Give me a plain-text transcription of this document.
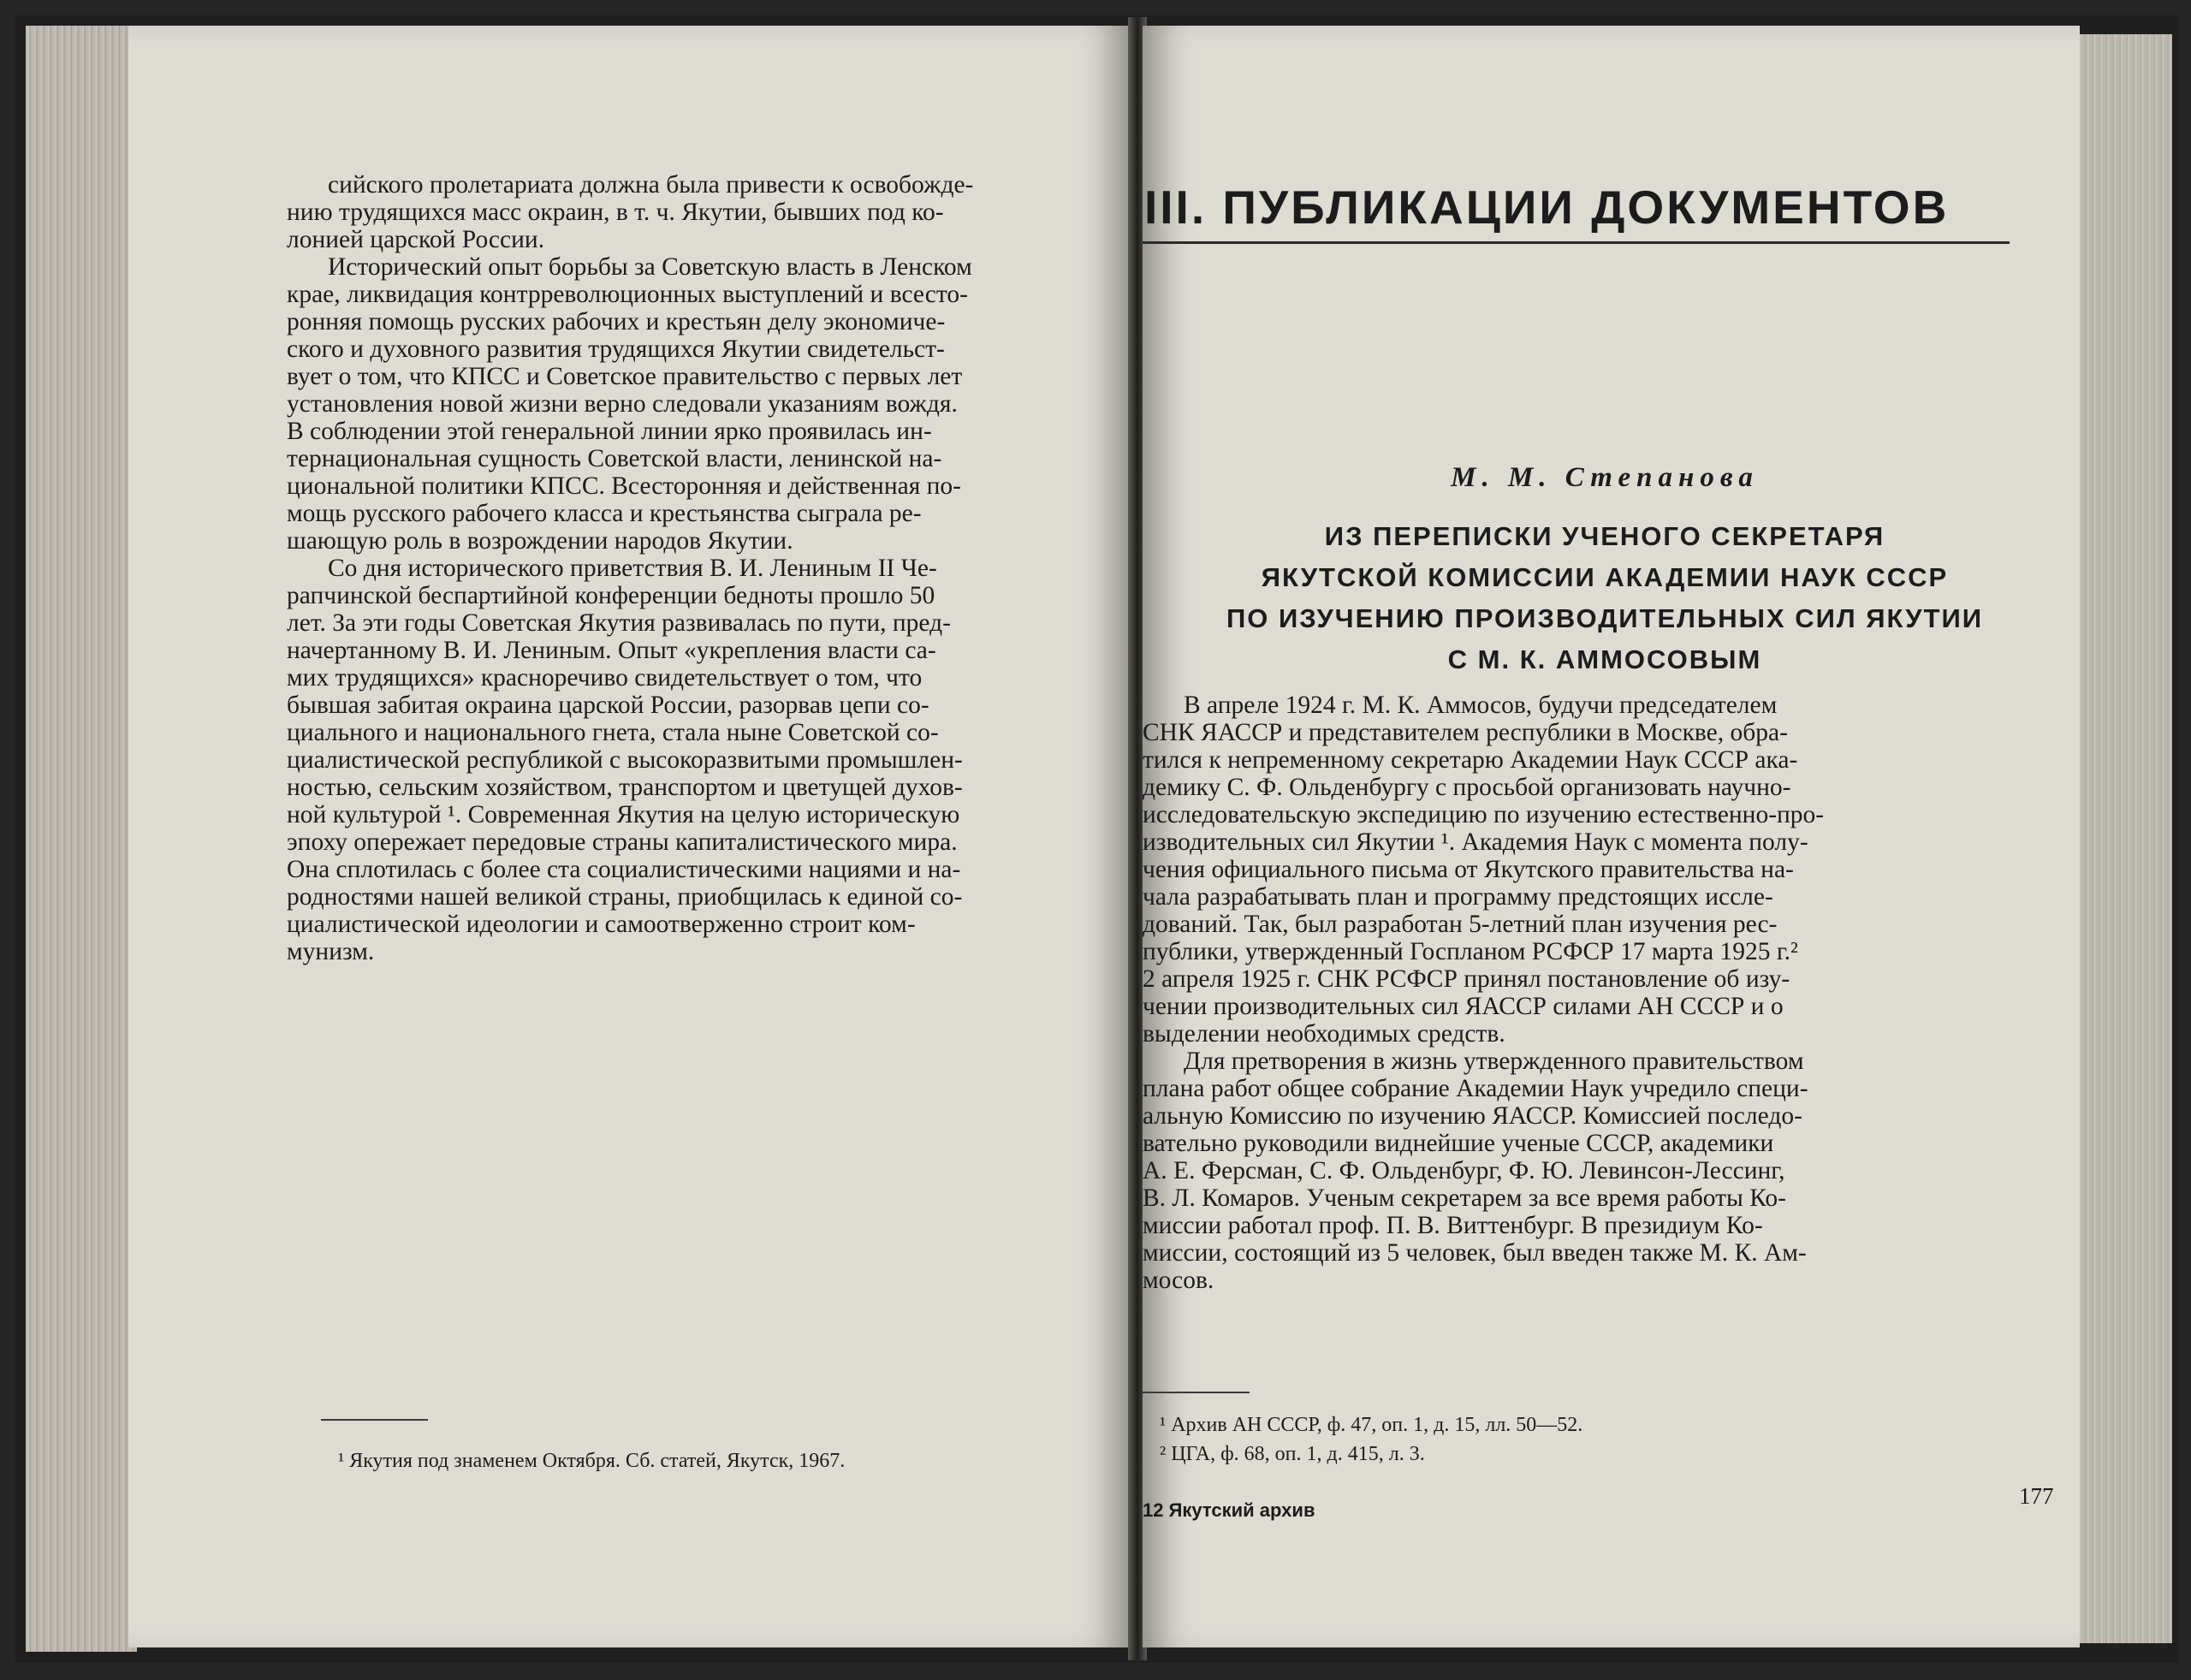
сийского пролетариата должна была привести к освобожде-
нию трудящихся масс окраин, в т. ч. Якутии, бывших под ко-
лонией царской России.

Исторический опыт борьбы за Советскую власть в Ленском
крае, ликвидация контрреволюционных выступлений и всесто-
ронняя помощь русских рабочих и крестьян делу экономиче-
ского и духовного развития трудящихся Якутии свидетельст-
вует о том, что КПСС и Советское правительство с первых лет
установления новой жизни верно следовали указаниям вождя.
В соблюдении этой генеральной линии ярко проявилась ин-
тернациональная сущность Советской власти, ленинской на-
циональной политики КПСС. Всесторонняя и действенная по-
мощь русского рабочего класса и крестьянства сыграла ре-
шающую роль в возрождении народов Якутии.

Со дня исторического приветствия В. И. Лениным II Че-
рапчинской беспартийной конференции бедноты прошло 50
лет. За эти годы Советская Якутия развивалась по пути, пред-
начертанному В. И. Лениным. Опыт «укрепления власти са-
мих трудящихся» красноречиво свидетельствует о том, что
бывшая забитая окраина царской России, разорвав цепи со-
циального и национального гнета, стала ныне Советской со-
циалистической республикой с высокоразвитыми промышлен-
ностью, сельским хозяйством, транспортом и цветущей духов-
ной культурой ¹. Современная Якутия на целую историческую
эпоху опережает передовые страны капиталистического мира.
Она сплотилась с более ста социалистическими нациями и на-
родностями нашей великой страны, приобщилась к единой со-
циалистической идеологии и самоотверженно строит ком-
мунизм.

¹ Якутия под знаменем Октября. Сб. статей, Якутск, 1967.
III. ПУБЛИКАЦИИ ДОКУМЕНТОВ
М. М. Степанова
ИЗ ПЕРЕПИСКИ УЧЕНОГО СЕКРЕТАРЯ
ЯКУТСКОЙ КОМИССИИ АКАДЕМИИ НАУК СССР
ПО ИЗУЧЕНИЮ ПРОИЗВОДИТЕЛЬНЫХ СИЛ ЯКУТИИ
С М. К. АММОСОВЫМ

В апреле 1924 г. М. К. Аммосов, будучи председателем
СНК ЯАССР и представителем республики в Москве, обра-
тился к непременному секретарю Академии Наук СССР ака-
демику С. Ф. Ольденбургу с просьбой организовать научно-
исследовательскую экспедицию по изучению естественно-про-
изводительных сил Якутии ¹. Академия Наук с момента полу-
чения официального письма от Якутского правительства на-
чала разрабатывать план и программу предстоящих иссле-
дований. Так, был разработан 5-летний план изучения рес-
публики, утвержденный Госпланом РСФСР 17 марта 1925 г.²
2 апреля 1925 г. СНК РСФСР принял постановление об изу-
чении производительных сил ЯАССР силами АН СССР и о
выделении необходимых средств.

Для претворения в жизнь утвержденного правительством
плана работ общее собрание Академии Наук учредило специ-
альную Комиссию по изучению ЯАССР. Комиссией последо-
вательно руководили виднейшие ученые СССР, академики
А. Е. Ферсман, С. Ф. Ольденбург, Ф. Ю. Левинсон-Лессинг,
В. Л. Комаров. Ученым секретарем за все время работы Ко-
миссии работал проф. П. В. Виттенбург. В президиум Ко-
миссии, состоящий из 5 человек, был введен также М. К. Ам-
мосов.

¹ Архив АН СССР, ф. 47, оп. 1, д. 15, лл. 50—52.
² ЦГА, ф. 68, оп. 1, д. 415, л. 3.
12 Якутский архив
177
